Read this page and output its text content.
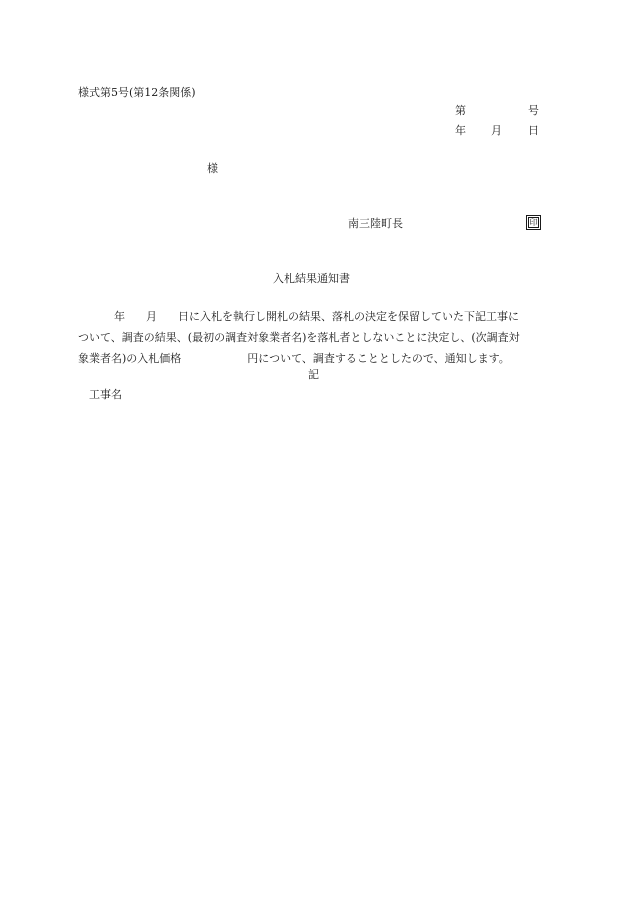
様式第5号(第12条関係)
第	号
年 月 日
様
南三陸町長	印
入札結果通知書
年 月 日に入札を執行し開札の結果、落札の決定を保留していた下記工事に
ついて、調査の結果、(最初の調査対象業者名)を落札者としないことに決定し、(次調査対
象業者名)の入札価格	円について、調査することとしたので、通知します。
記
工事名
